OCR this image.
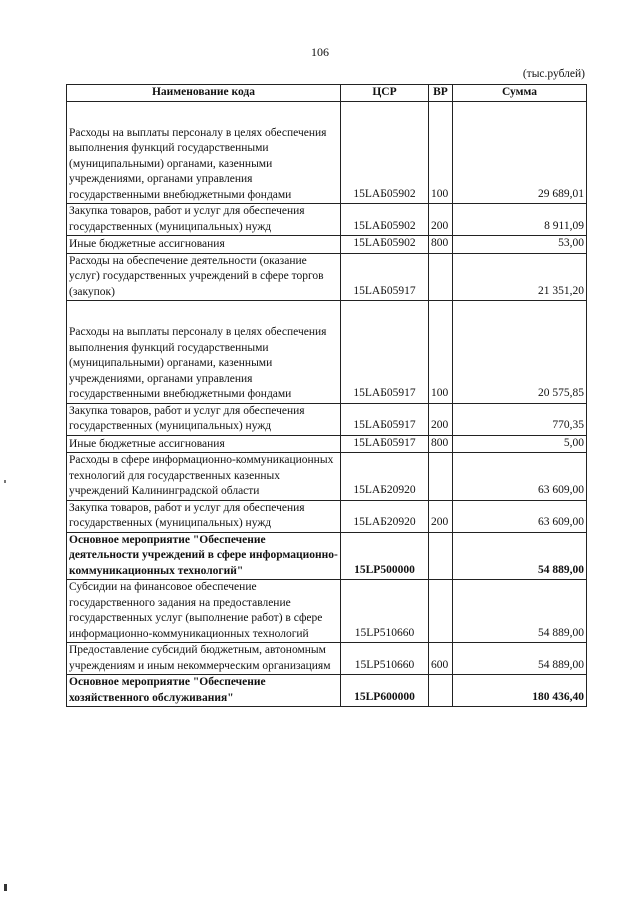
106
(тыс.рублей)
Наименование кода	ЦСР	ВР	Сумма
Расходы на выплаты персоналу в целях обеспечения выполнения функций государственными (муниципальными) органами, казенными учреждениями, органами управления государственными внебюджетными фондами	15LАБ05902	100	29 689,01
Закупка товаров, работ и услуг для обеспечения государственных (муниципальных) нужд	15LАБ05902	200	8 911,09
Иные бюджетные ассигнования	15LАБ05902	800	53,00
Расходы на обеспечение деятельности (оказание услуг) государственных учреждений в сфере торгов (закупок)	15LАБ05917		21 351,20
Расходы на выплаты персоналу в целях обеспечения выполнения функций государственными (муниципальными) органами, казенными учреждениями, органами управления государственными внебюджетными фондами	15LАБ05917	100	20 575,85
Закупка товаров, работ и услуг для обеспечения государственных (муниципальных) нужд	15LАБ05917	200	770,35
Иные бюджетные ассигнования	15LАБ05917	800	5,00
Расходы в сфере информационно-коммуникационных технологий для государственных казенных учреждений Калининградской области	15LАБ20920		63 609,00
Закупка товаров, работ и услуг для обеспечения государственных (муниципальных) нужд	15LАБ20920	200	63 609,00
Основное мероприятие "Обеспечение деятельности учреждений в сфере информационно-коммуникационных технологий"	15LР500000		54 889,00
Субсидии на финансовое обеспечение государственного задания на предоставление государственных услуг (выполнение работ) в сфере информационно-коммуникационных технологий	15LР510660		54 889,00
Предоставление субсидий бюджетным, автономным учреждениям и иным некоммерческим организациям	15LР510660	600	54 889,00
Основное мероприятие "Обеспечение хозяйственного обслуживания"	15LР600000		180 436,40
